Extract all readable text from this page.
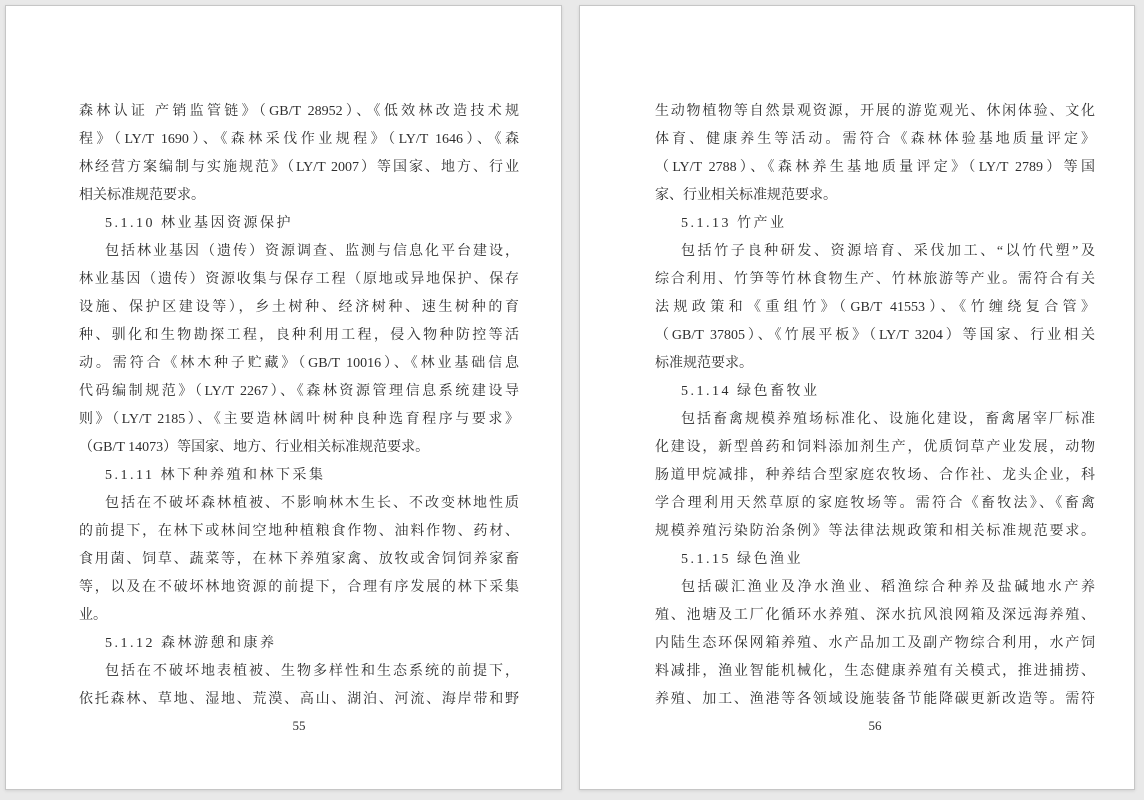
森林认证 产销监管链》（GB/T 28952）、《低效林改造技术规
程》（LY/T 1690）、《森林采伐作业规程》（LY/T 1646）、《森
林经营方案编制与实施规范》（LY/T 2007）等国家、地方、行业
相关标准规范要求。
5.1.10 林业基因资源保护
包括林业基因（遗传）资源调查、监测与信息化平台建设，
林业基因（遗传）资源收集与保存工程（原地或异地保护、保存
设施、保护区建设等），乡土树种、经济树种、速生树种的育
种、驯化和生物勘探工程，良种利用工程，侵入物种防控等活
动。需符合《林木种子贮藏》（GB/T 10016）、《林业基础信息
代码编制规范》（LY/T 2267）、《森林资源管理信息系统建设导
则》（LY/T 2185）、《主要造林阔叶树种良种选育程序与要求》
（GB/T 14073）等国家、地方、行业相关标准规范要求。
5.1.11 林下种养殖和林下采集
包括在不破坏森林植被、不影响林木生长、不改变林地性质
的前提下，在林下或林间空地种植粮食作物、油料作物、药材、
食用菌、饲草、蔬菜等，在林下养殖家禽、放牧或舍饲饲养家畜
等，以及在不破坏林地资源的前提下，合理有序发展的林下采集
业。
5.1.12 森林游憩和康养
包括在不破坏地表植被、生物多样性和生态系统的前提下，
依托森林、草地、湿地、荒漠、高山、湖泊、河流、海岸带和野
55
生动物植物等自然景观资源，开展的游览观光、休闲体验、文化
体育、健康养生等活动。需符合《森林体验基地质量评定》
（LY/T 2788）、《森林养生基地质量评定》（LY/T 2789）等国
家、行业相关标准规范要求。
5.1.13 竹产业
包括竹子良种研发、资源培育、采伐加工、“以竹代塑”及
综合利用、竹笋等竹林食物生产、竹林旅游等产业。需符合有关
法规政策和《重组竹》（GB/T 41553）、《竹缠绕复合管》
（GB/T 37805）、《竹展平板》（LY/T 3204）等国家、行业相关
标准规范要求。
5.1.14 绿色畜牧业
包括畜禽规模养殖场标准化、设施化建设，畜禽屠宰厂标准
化建设，新型兽药和饲料添加剂生产，优质饲草产业发展，动物
肠道甲烷减排，种养结合型家庭农牧场、合作社、龙头企业，科
学合理利用天然草原的家庭牧场等。需符合《畜牧法》、《畜禽
规模养殖污染防治条例》等法律法规政策和相关标准规范要求。
5.1.15 绿色渔业
包括碳汇渔业及净水渔业、稻渔综合种养及盐碱地水产养
殖、池塘及工厂化循环水养殖、深水抗风浪网箱及深远海养殖、
内陆生态环保网箱养殖、水产品加工及副产物综合利用，水产饲
料减排，渔业智能机械化，生态健康养殖有关模式，推进捕捞、
养殖、加工、渔港等各领域设施装备节能降碳更新改造等。需符
56
